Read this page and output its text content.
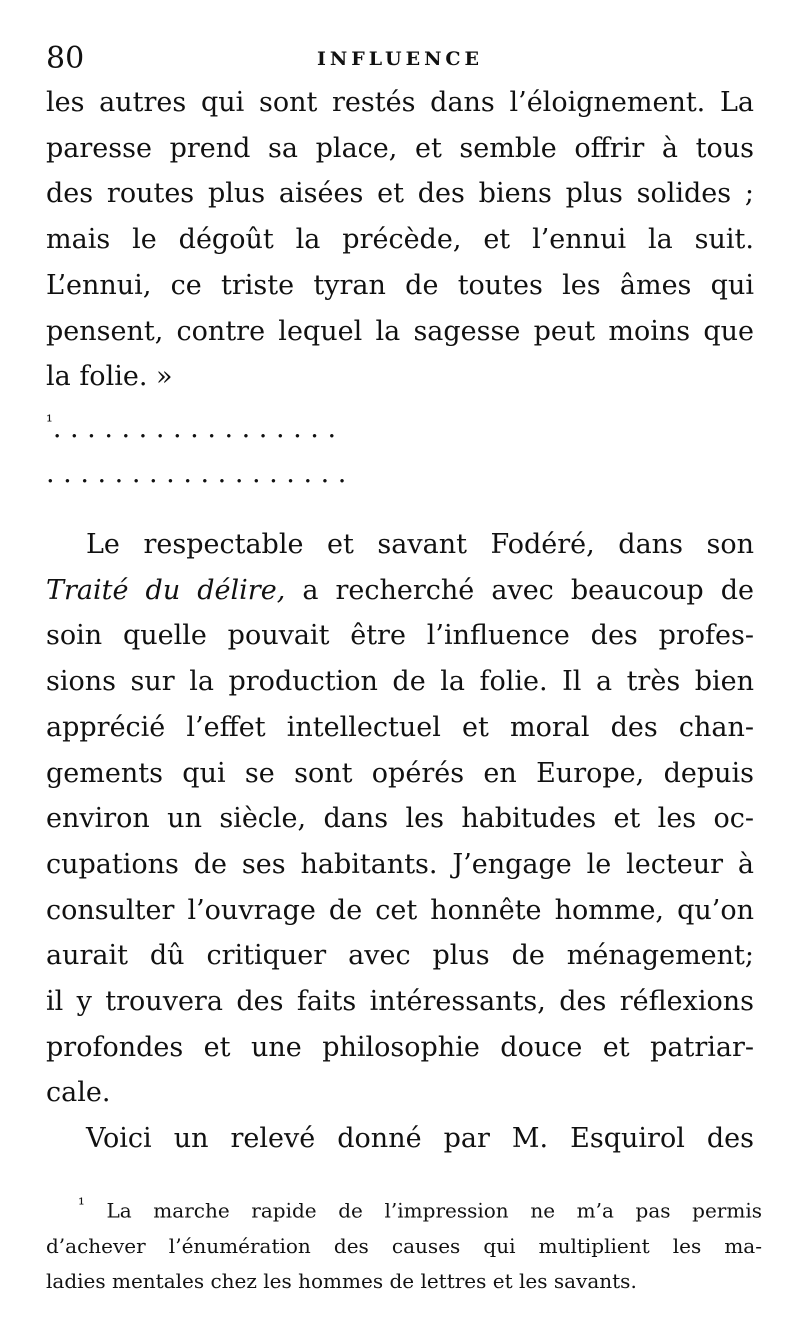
80	INFLUENCE
les autres qui sont restés dans l’éloignement. La
paresse prend sa place, et semble offrir à tous
des routes plus aisées et des biens plus solides ;
mais le dégoût la précède, et l’ennui la suit.
L’ennui, ce triste tyran de toutes les âmes qui
pensent, contre lequel la sagesse peut moins que
la folie. »
$^{^1}$. . . . . . . . . . . . . . . . .
. . . . . . . . . . . . . . . . . .
Le respectable et savant Fodéré, dans son
Traité du délire, a recherché avec beaucoup de
soin quelle pouvait être l’influence des profes-
sions sur la production de la folie. Il a très bien
apprécié l’effet intellectuel et moral des chan-
gements qui se sont opérés en Europe, depuis
environ un siècle, dans les habitudes et les oc-
cupations de ses habitants. J’engage le lecteur à
consulter l’ouvrage de cet honnête homme, qu’on
aurait dû critiquer avec plus de ménagement;
il y trouvera des faits intéressants, des réflexions
profondes et une philosophie douce et patriar-
cale.
Voici un relevé donné par M. Esquirol des
$^{^1}$ La marche rapide de l’impression ne m’a pas permis
d’achever l’énumération des causes qui multiplient les ma-
ladies mentales chez les hommes de lettres et les savants.
